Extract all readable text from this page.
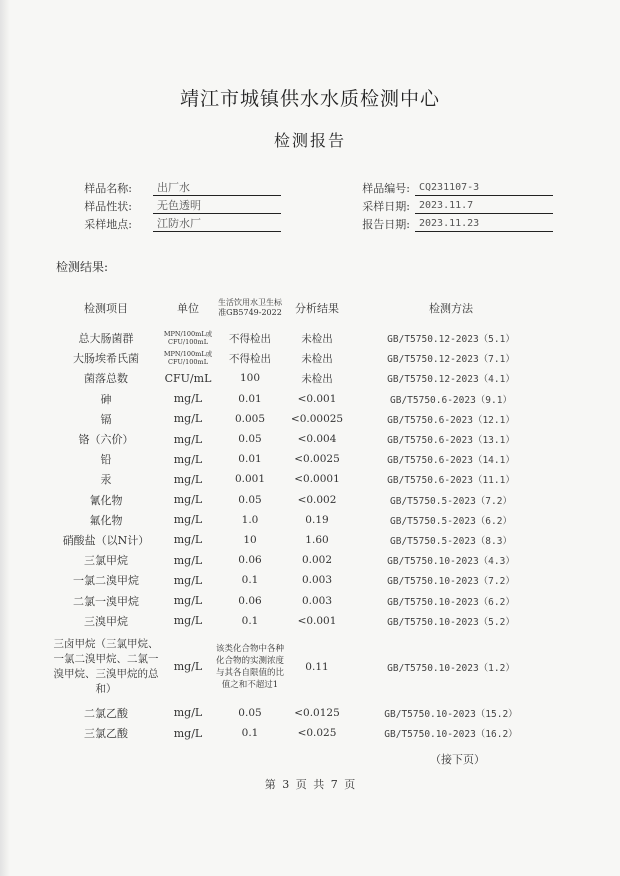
靖江市城镇供水水质检测中心
检测报告
样品名称:	出厂水	样品编号: CQ231107-3
样品性状:	无色透明	采样日期: 2023.11.7
采样地点:	江防水厂	报告日期: 2023.11.23
检测结果:
检测项目	单位	生活饮用水卫生标准GB5749-2022	分析结果	检测方法
总大肠菌群	MPN/100mL或CFU/100mL	不得检出	未检出	GB/T5750.12-2023（5.1）
大肠埃希氏菌	MPN/100mL或CFU/100mL	不得检出	未检出	GB/T5750.12-2023（7.1）
菌落总数	CFU/mL	100	未检出	GB/T5750.12-2023（4.1）
砷	mg/L	0.01	<0.001	GB/T5750.6-2023（9.1）
镉	mg/L	0.005	<0.00025	GB/T5750.6-2023（12.1）
铬（六价）	mg/L	0.05	<0.004	GB/T5750.6-2023（13.1）
铅	mg/L	0.01	<0.0025	GB/T5750.6-2023（14.1）
汞	mg/L	0.001	<0.0001	GB/T5750.6-2023（11.1）
氰化物	mg/L	0.05	<0.002	GB/T5750.5-2023（7.2）
氟化物	mg/L	1.0	0.19	GB/T5750.5-2023（6.2）
硝酸盐（以N计）	mg/L	10	1.60	GB/T5750.5-2023（8.3）
三氯甲烷	mg/L	0.06	0.002	GB/T5750.10-2023（4.3）
一氯二溴甲烷	mg/L	0.1	0.003	GB/T5750.10-2023（7.2）
二氯一溴甲烷	mg/L	0.06	0.003	GB/T5750.10-2023（6.2）
三溴甲烷	mg/L	0.1	<0.001	GB/T5750.10-2023（5.2）
三卤甲烷（三氯甲烷、一氯二溴甲烷、二氯一溴甲烷、三溴甲烷的总和）	mg/L	该类化合物中各种化合物的实测浓度与其各自限值的比值之和不超过1	0.11	GB/T5750.10-2023（1.2）
二氯乙酸	mg/L	0.05	<0.0125	GB/T5750.10-2023（15.2）
三氯乙酸	mg/L	0.1	<0.025	GB/T5750.10-2023（16.2）
（接下页）
第 3 页 共 7 页
